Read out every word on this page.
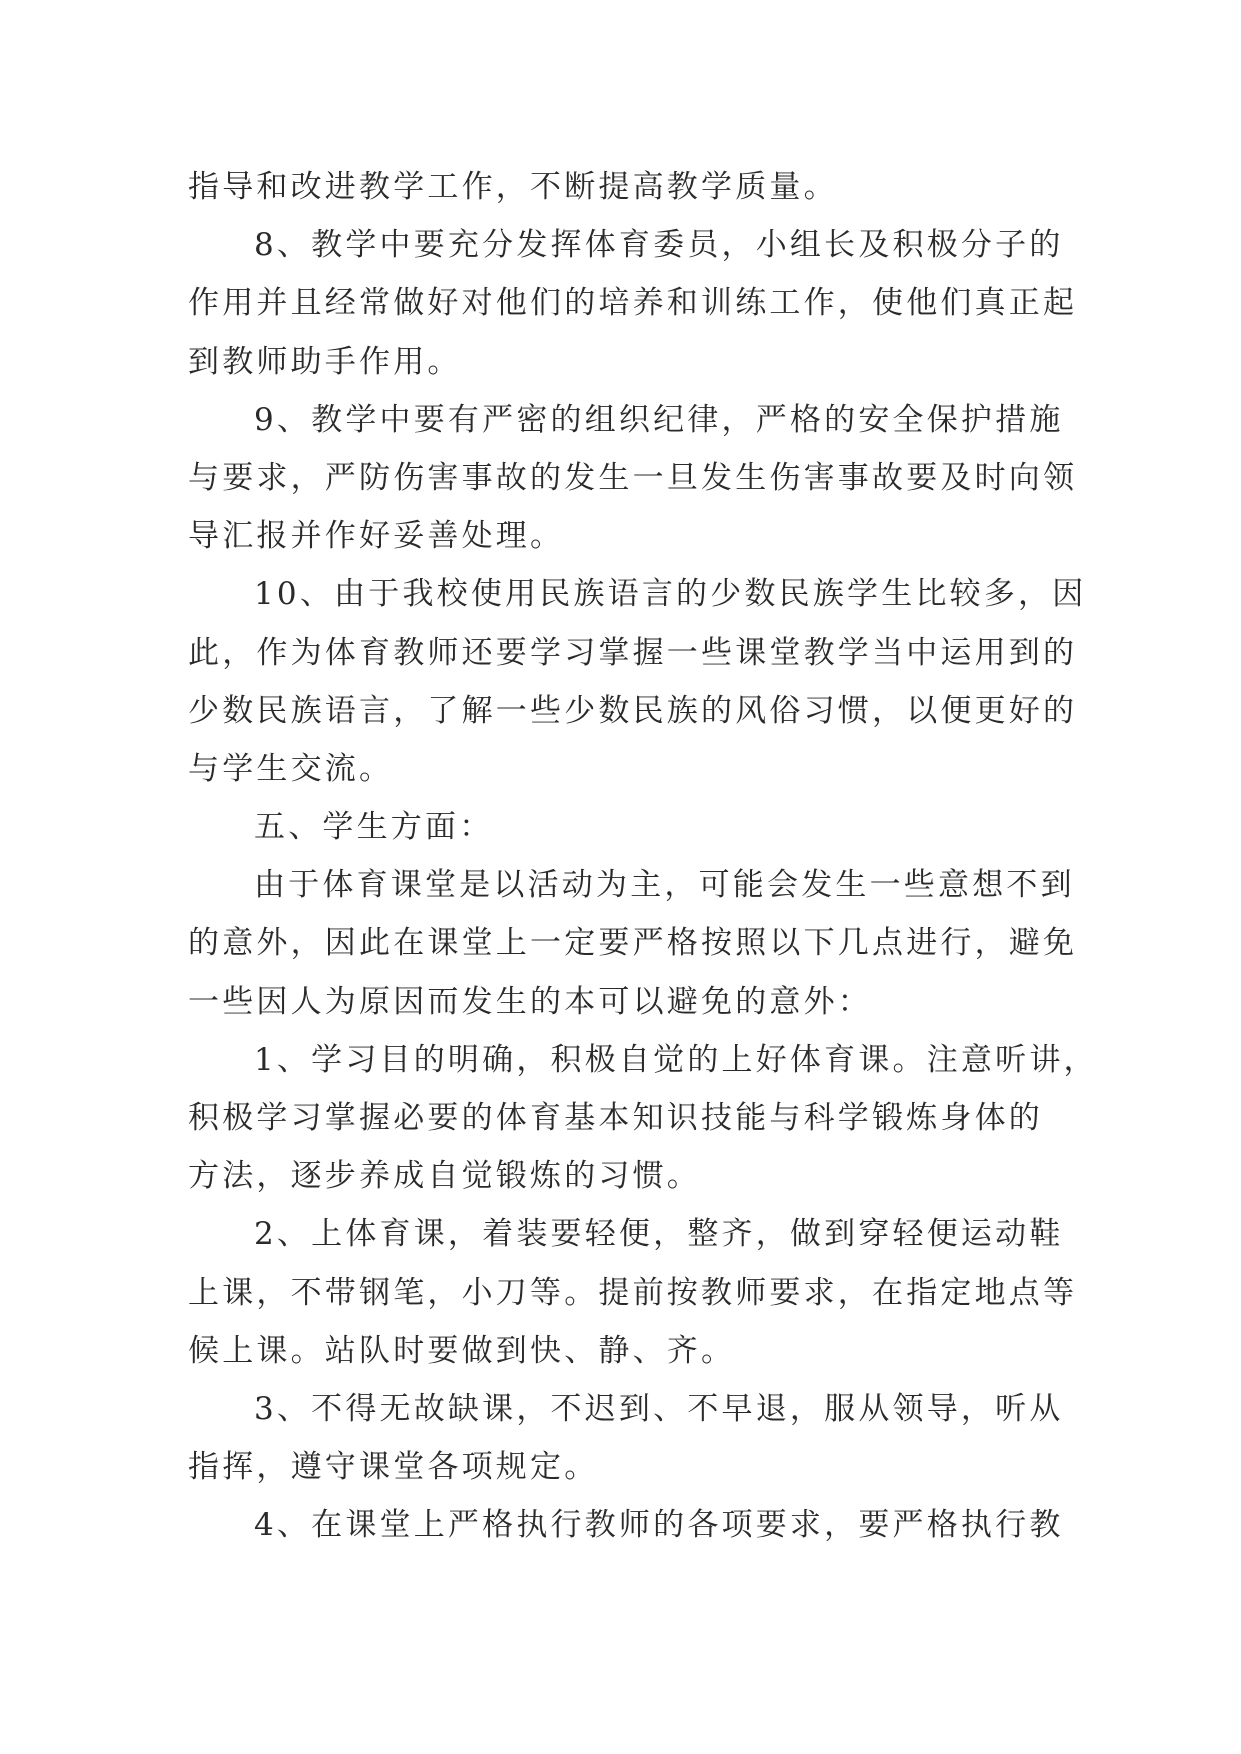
指导和改进教学工作，不断提高教学质量。
8、教学中要充分发挥体育委员，小组长及积极分子的
作用并且经常做好对他们的培养和训练工作，使他们真正起
到教师助手作用。
9、教学中要有严密的组织纪律，严格的安全保护措施
与要求，严防伤害事故的发生一旦发生伤害事故要及时向领
导汇报并作好妥善处理。
10、由于我校使用民族语言的少数民族学生比较多，因
此，作为体育教师还要学习掌握一些课堂教学当中运用到的
少数民族语言，了解一些少数民族的风俗习惯，以便更好的
与学生交流。
五、学生方面：
由于体育课堂是以活动为主，可能会发生一些意想不到
的意外，因此在课堂上一定要严格按照以下几点进行，避免
一些因人为原因而发生的本可以避免的意外：
1、学习目的明确，积极自觉的上好体育课。注意听讲，
积极学习掌握必要的体育基本知识技能与科学锻炼身体的
方法，逐步养成自觉锻炼的习惯。
2、上体育课，着装要轻便，整齐，做到穿轻便运动鞋
上课，不带钢笔，小刀等。提前按教师要求，在指定地点等
候上课。站队时要做到快、静、齐。
3、不得无故缺课，不迟到、不早退，服从领导，听从
指挥，遵守课堂各项规定。
4、在课堂上严格执行教师的各项要求，要严格执行教
